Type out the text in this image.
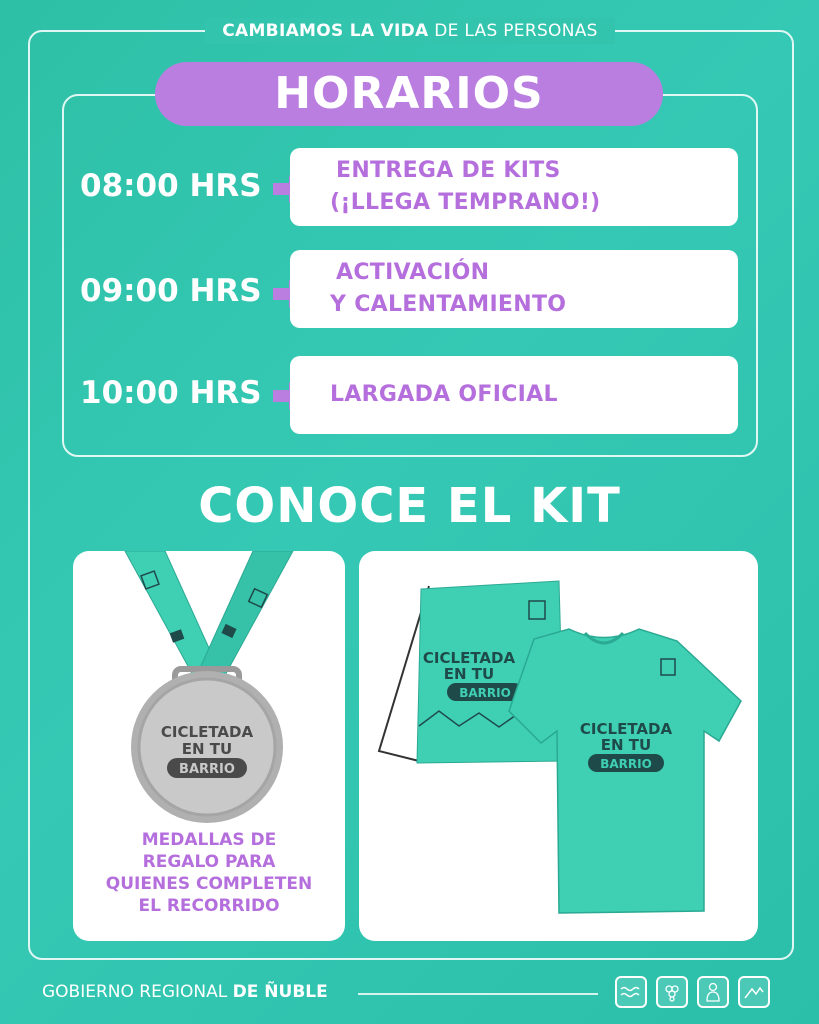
CAMBIAMOS LA VIDA DE LAS PERSONAS
HORARIOS
08:00 HRS	ENTREGA DE KITS
(¡LLEGA TEMPRANO!)
09:00 HRS
ACTIVACIÓN
Y CALENTAMIENTO
10:00 HRS	LARGADA OFICIAL
CONOCE EL KIT
CICLETADA
EN TU
BARRIO
MEDALLAS DE
REGALO PARA
QUIENES COMPLETEN
EL RECORRIDO
CICLETADA
EN TU
BARRIO
CICLETADA
EN TU
BARRIO
GOBIERNO REGIONAL DE ÑUBLE
